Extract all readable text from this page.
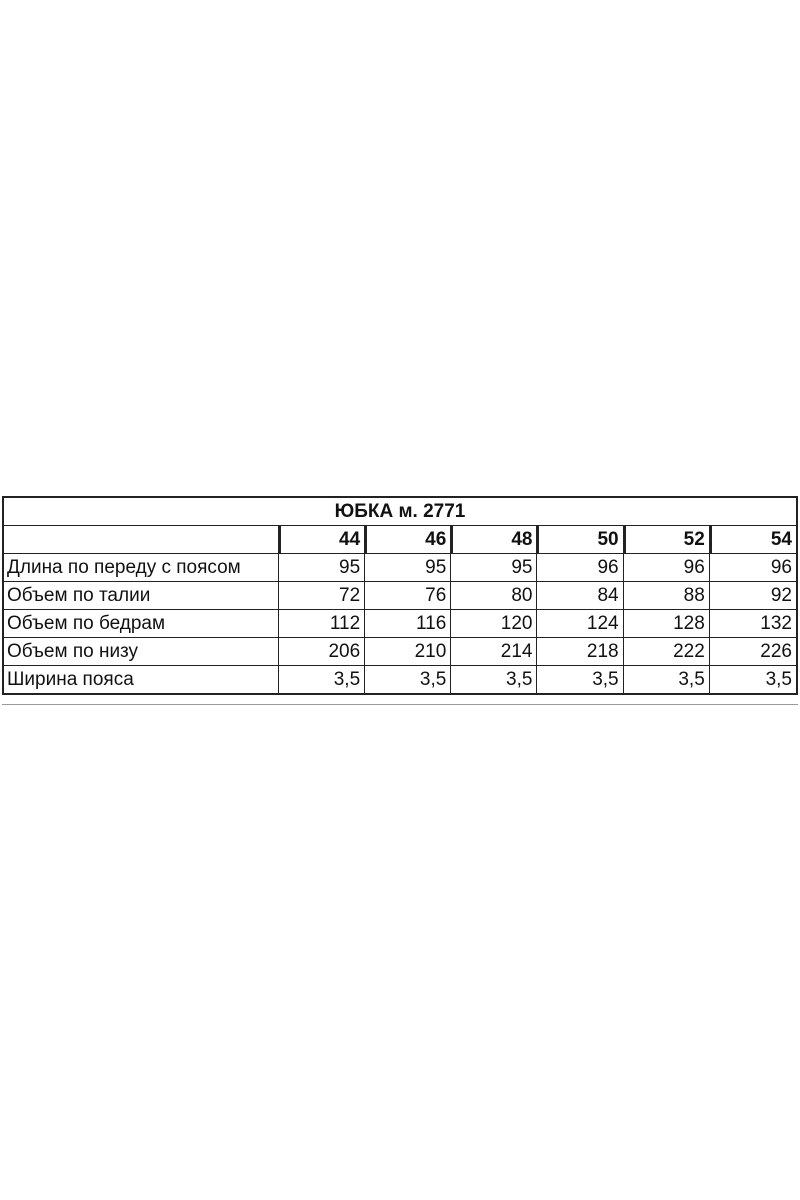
ЮБКА м. 2771						
	44	46	48	50	52	54
Длина по переду с поясом	95	95	95	96	96	96
Объем по талии	72	76	80	84	88	92
Объем по бедрам	112	116	120	124	128	132
Объем по низу	206	210	214	218	222	226
Ширина пояса	3,5	3,5	3,5	3,5	3,5	3,5
